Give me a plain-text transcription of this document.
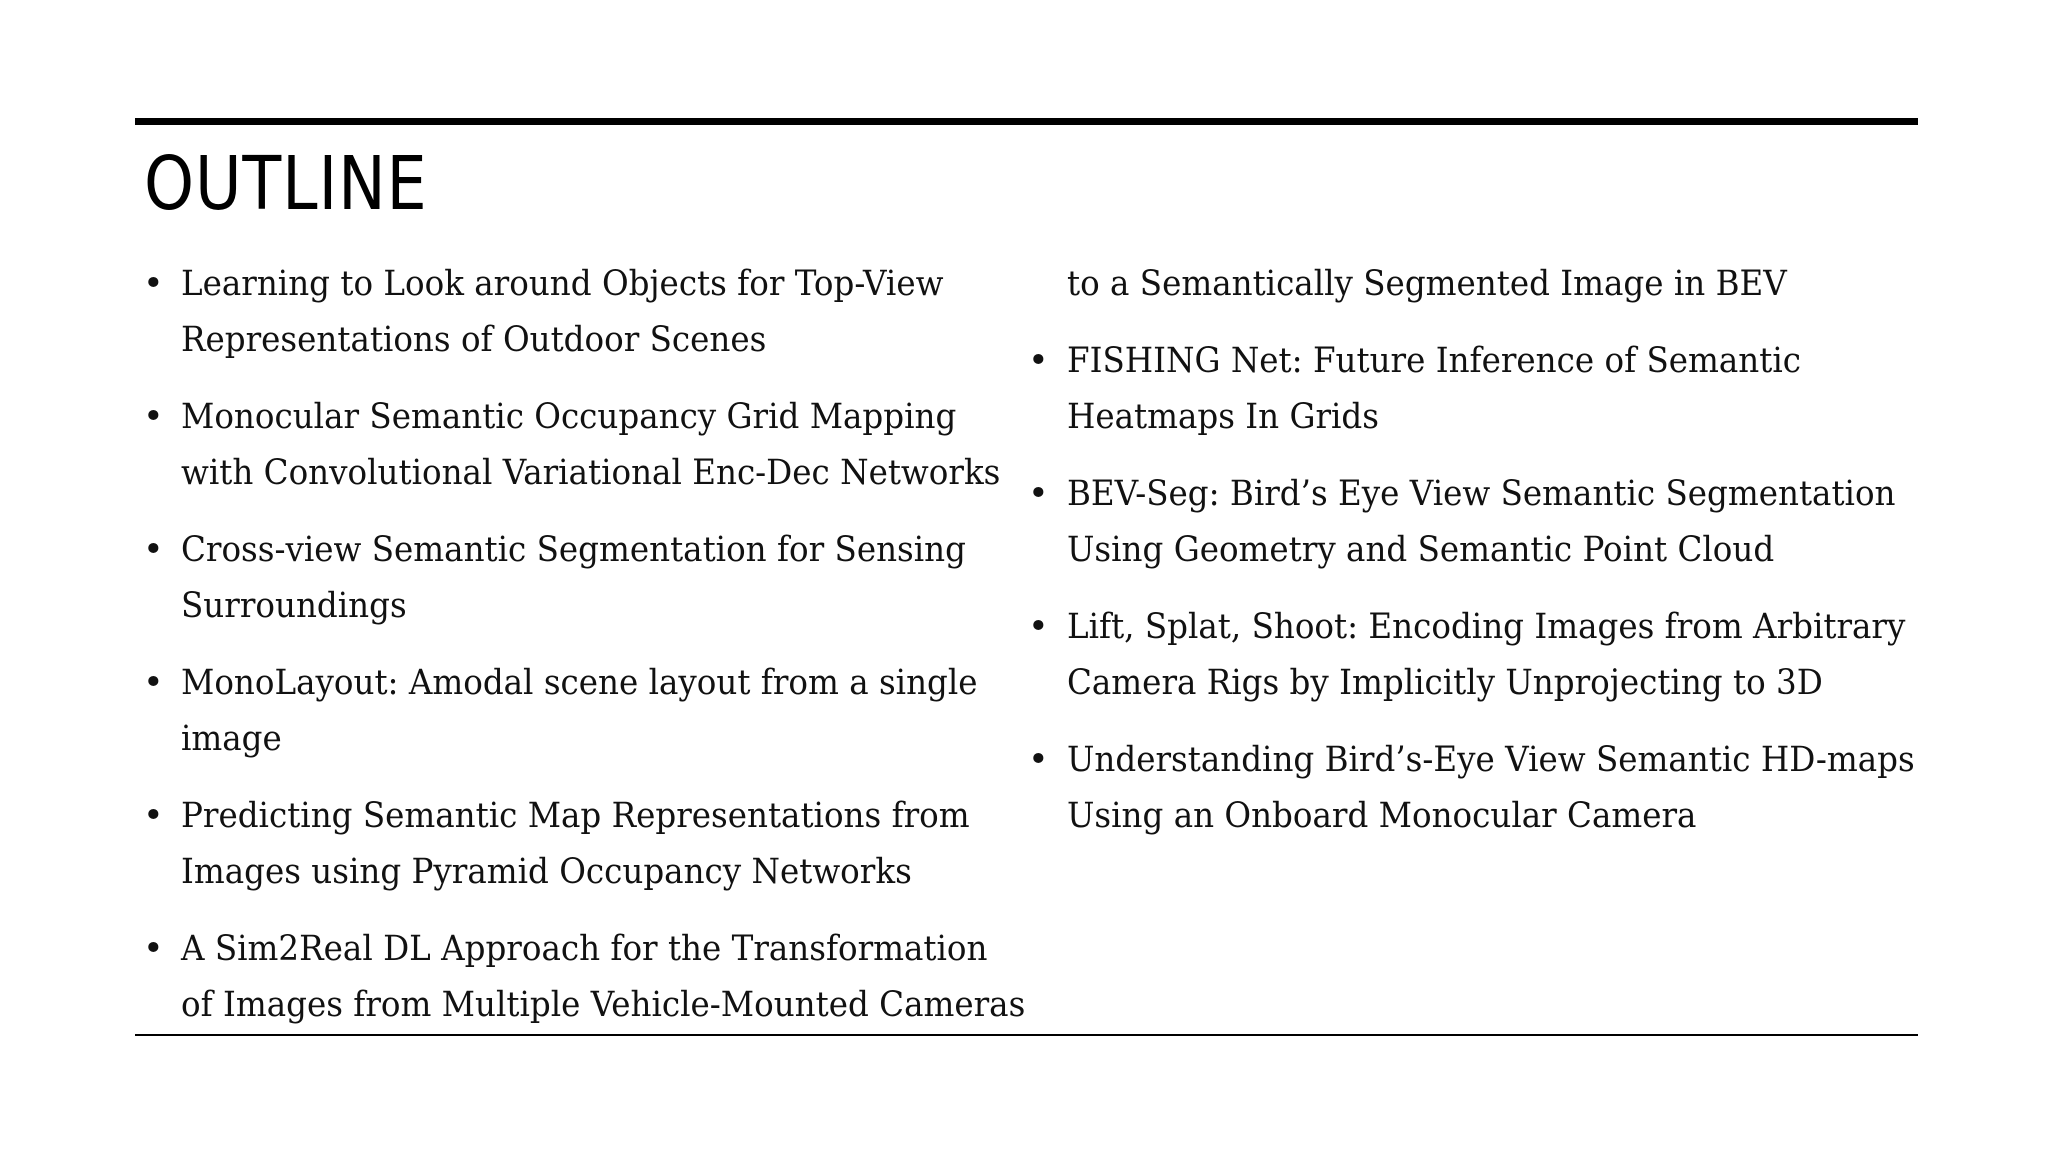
OUTLINE
• Learning to Look around Objects for Top-View
Representations of Outdoor Scenes
• Monocular Semantic Occupancy Grid Mapping
with Convolutional Variational Enc-Dec Networks
• Cross-view Semantic Segmentation for Sensing
Surroundings
• MonoLayout: Amodal scene layout from a single
image
• Predicting Semantic Map Representations from
Images using Pyramid Occupancy Networks
• A Sim2Real DL Approach for the Transformation
of Images from Multiple Vehicle-Mounted Cameras
to a Semantically Segmented Image in BEV
• FISHING Net: Future Inference of Semantic
Heatmaps In Grids
• BEV-Seg: Bird’s Eye View Semantic Segmentation
Using Geometry and Semantic Point Cloud
• Lift, Splat, Shoot: Encoding Images from Arbitrary
Camera Rigs by Implicitly Unprojecting to 3D
• Understanding Bird’s-Eye View Semantic HD-maps
Using an Onboard Monocular Camera
